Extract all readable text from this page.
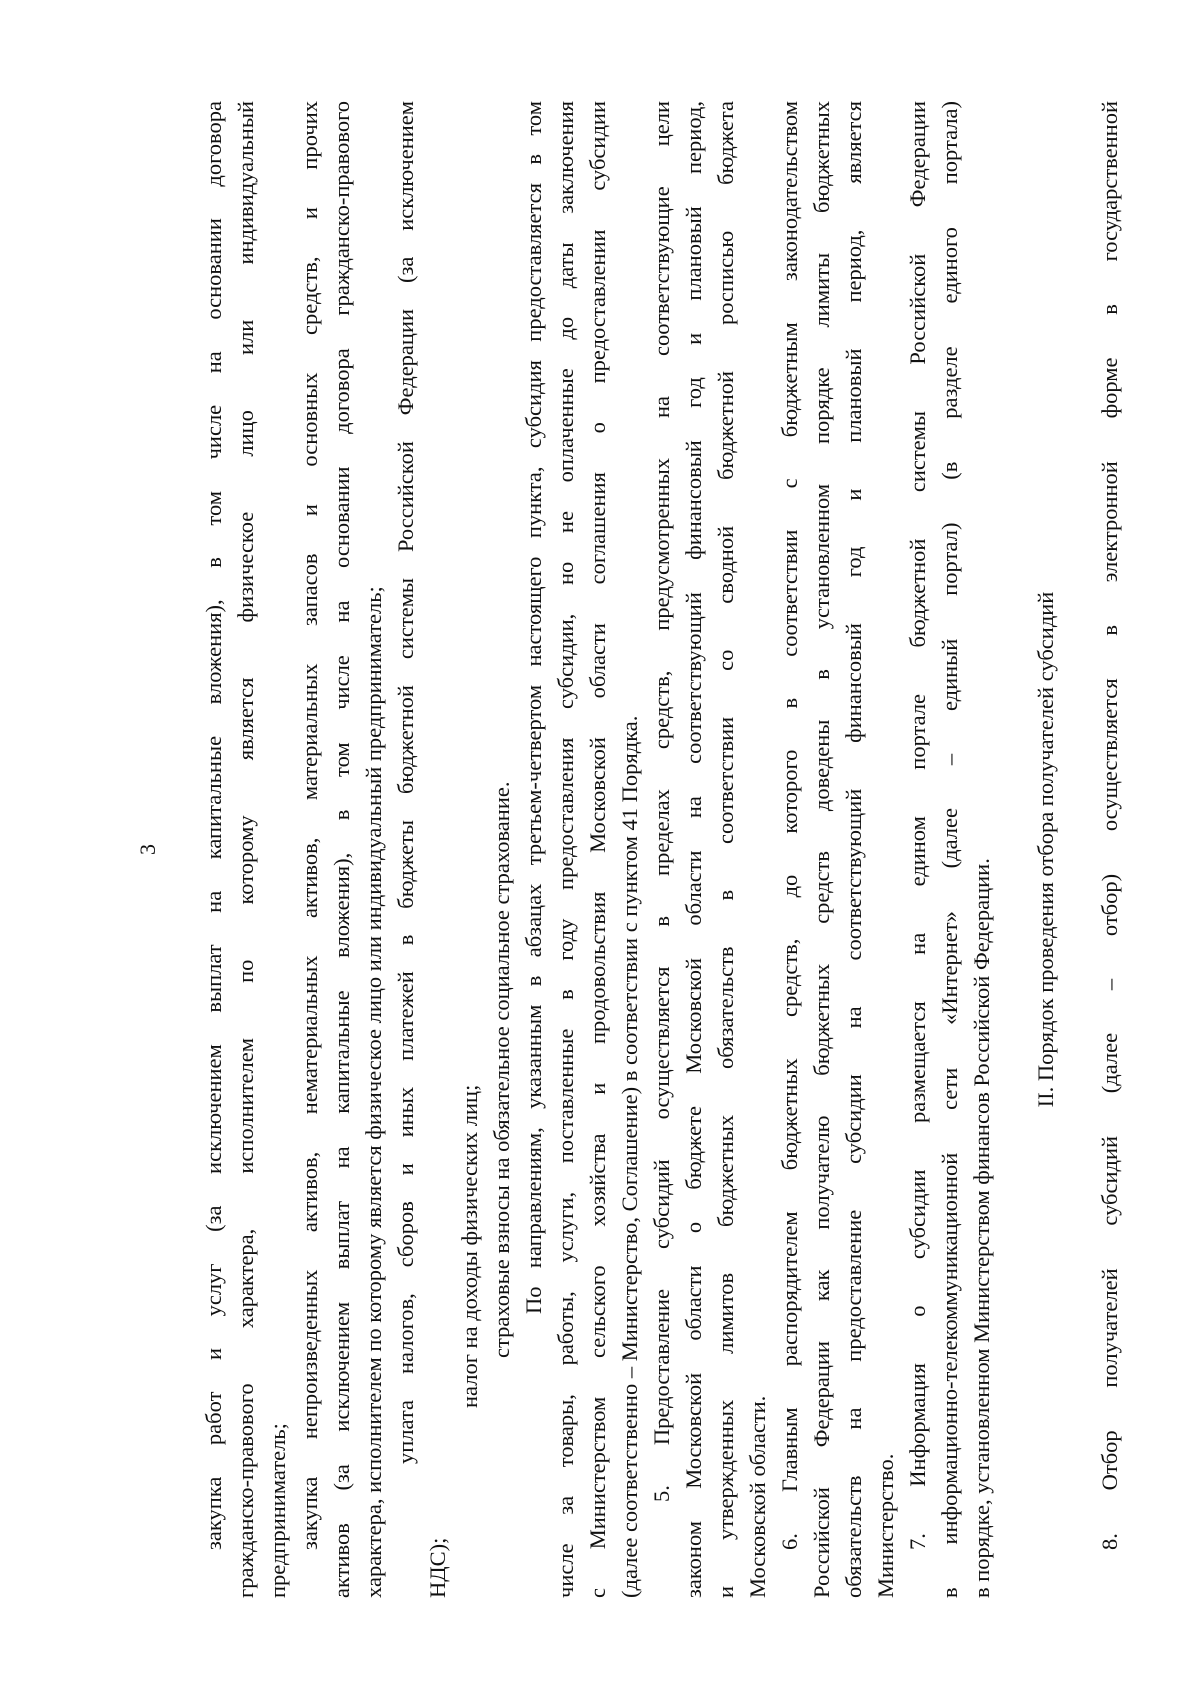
3 закупка работ и услуг (за исключением выплат на капитальные вложения), в том числе на основании договора гражданско-правового характера, исполнителем по которому является физическое лицо или индивидуальный предприниматель; закупка непроизведенных активов, нематериальных активов, материальных запасов и основных средств, и прочих активов (за исключением выплат на капитальные вложения), в том числе на основании договора гражданско-правового характера, исполнителем по которому является физическое лицо или индивидуальный предприниматель; уплата налогов, сборов и иных платежей в бюджеты бюджетной системы Российской Федерации (за исключением
НДС);
налог на доходы физических лиц; страховые взносы на обязательное социальное страхование. По направлениям, указанным в абзацах третьем-четвертом настоящего пункта, субсидия предоставляется в том числе за товары, работы, услуги, поставленные в году предоставления субсидии, но не оплаченные до даты заключения с Министерством сельского хозяйства и продовольствия Московской области соглашения о предоставлении субсидии (далее соответственно – Министерство, Соглашение) в соответствии с пунктом 41 Порядка. 5. Предоставление субсидий осуществляется в пределах средств, предусмотренных на соответствующие цели законом Московской области о бюджете Московской области на соответствующий финансовый год и плановый период, и утвержденных лимитов бюджетных обязательств в соответствии со сводной бюджетной росписью бюджета Московской области. 6. Главным распорядителем бюджетных средств, до которого в соответствии с бюджетным законодательством Российской Федерации как получателю бюджетных средств доведены в установленном порядке лимиты бюджетных обязательств на предоставление субсидии на соответствующий финансовый год и плановый период, является Министерство. 7. Информация о субсидии размещается на едином портале бюджетной системы Российской Федерации в информационно-телекоммуникационной сети «Интернет» (далее – единый портал) (в разделе единого портала) в порядке, установленном Министерством финансов Российской Федерации.
II. Порядок проведения отбора получателей субсидий 8. Отбор получателей субсидий (далее – отбор) осуществляется в электронной форме в государственной
